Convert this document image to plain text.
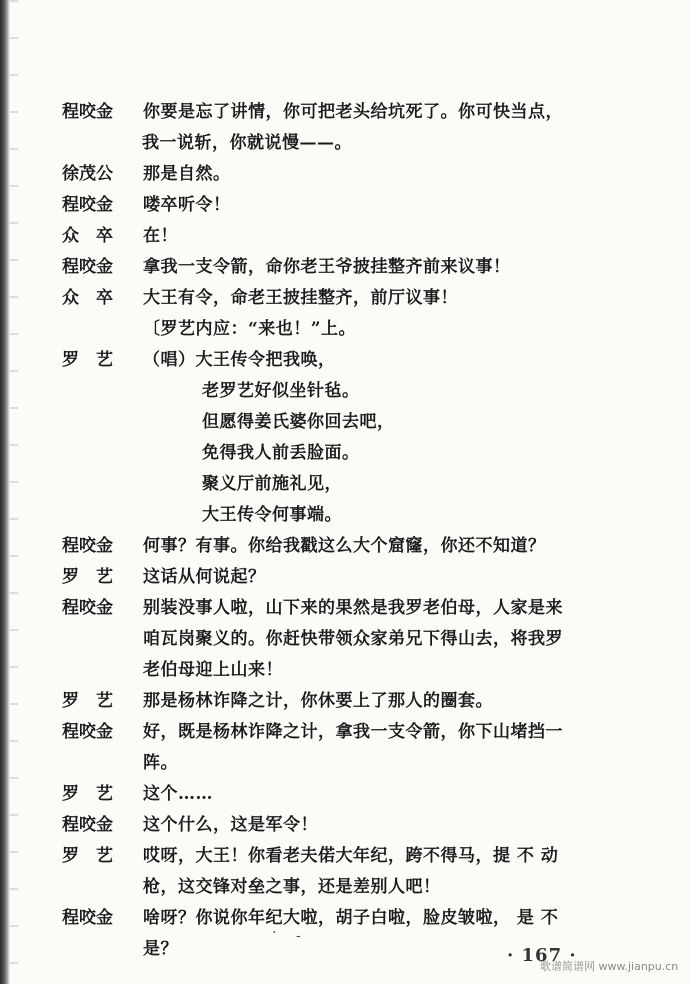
程咬金	你要是忘了讲情，你可把老头给坑死了。你可快当点，
我一说斩，你就说慢——。
徐茂公	那是自然。
程咬金	喽卒听令！
众　卒	在！
程咬金	拿我一支令箭，命你老王爷披挂整齐前来议事！
众　卒	大王有令，命老王披挂整齐，前厅议事！
〔罗艺内应：“来也！”上。
罗　艺	（唱）大王传令把我唤，
老罗艺好似坐针毡。
但愿得姜氏婆你回去吧，
免得我人前丢脸面。
聚义厅前施礼见，
大王传令何事端。
程咬金	何事？有事。你给我戳这么大个窟窿，你还不知道？
罗　艺	这话从何说起？
程咬金	别装没事人啦，山下来的果然是我罗老伯母，人家是来
咱瓦岗聚义的。你赶快带领众家弟兄下得山去，将我罗
老伯母迎上山来！
罗　艺	那是杨林诈降之计，你休要上了那人的圈套。
程咬金	好，既是杨林诈降之计，拿我一支令箭，你下山堵挡一
阵。
罗　艺	这个……
程咬金	这个什么，这是军令！
罗　艺	哎呀，大王！你看老夫偌大年纪，跨不得马，提 不 动
枪，这交锋对垒之事，还是差别人吧！
程咬金	啥呀？你说你年纪大啦，胡子白啦，脸皮皱啦， 是 不
是？
· -
· 167 ·
歌谱简谱网 www.jianpu.cn
